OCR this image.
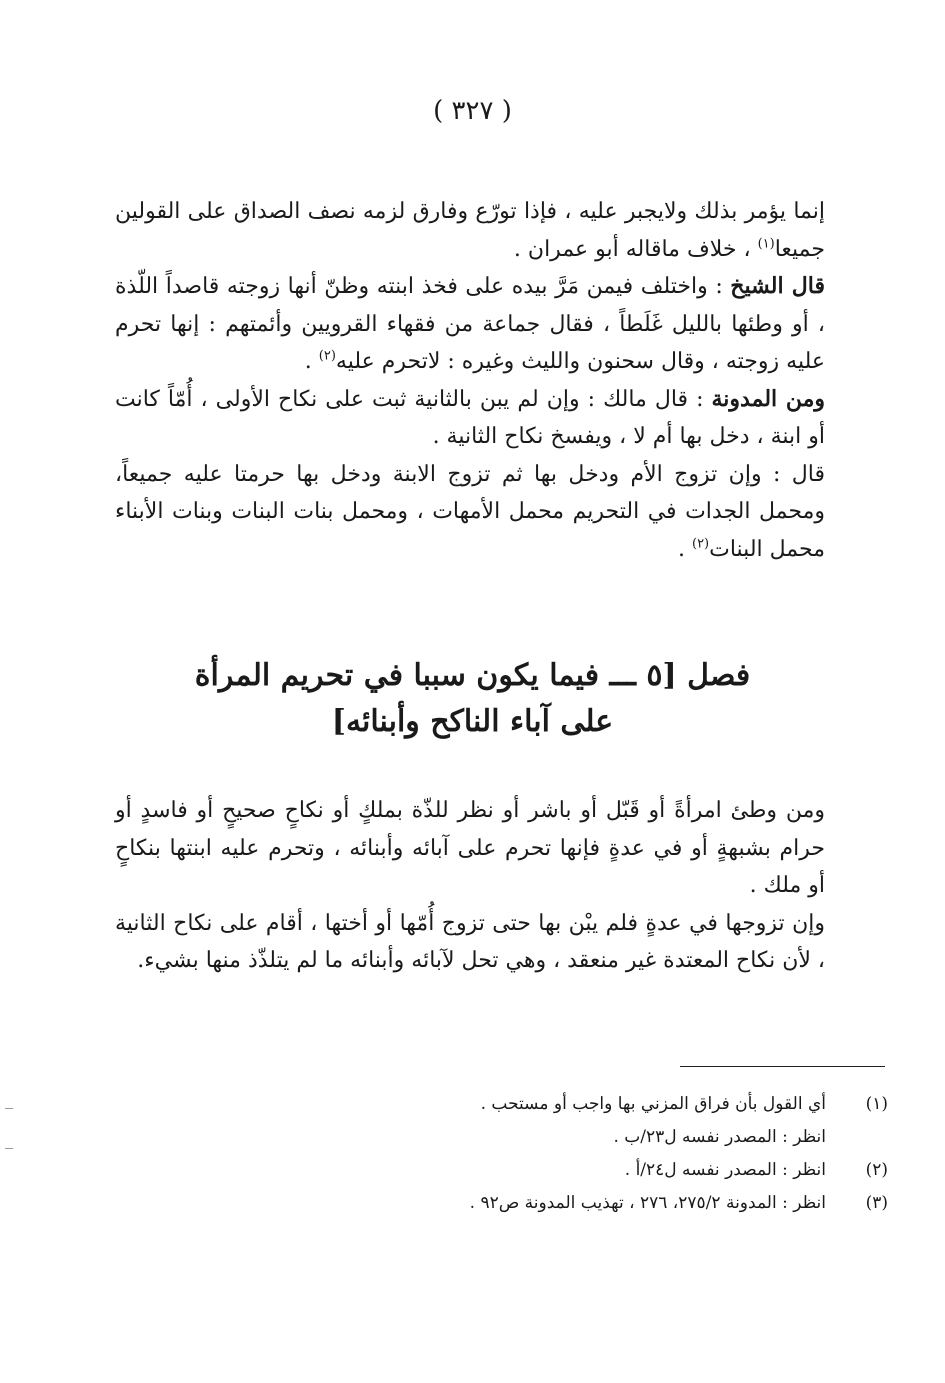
( ٣٢٧ )

إنما يؤمر بذلك ولايجبر عليه ، فإذا تورّع وفارق لزمه نصف الصداق على القولين جميعا$^{(١)}$ ، خلاف ماقاله أبو عمران .

قال الشيخ : واختلف فيمن مَرَّ بيده على فخذ ابنته وظنّ أنها زوجته قاصداً اللّذة ، أو وطئها بالليل غَلَطاً ، فقال جماعة من فقهاء القرويين وأئمتهم : إنها تحرم عليه زوجته ، وقال سحنون والليث وغيره : لاتحرم عليه$^{(٢)}$ .

ومن المدونة : قال مالك : وإن لم يبن بالثانية ثبت على نكاح الأولى ، أُمّاً كانت أو ابنة ، دخل بها أم لا ، ويفسخ نكاح الثانية .

قال : وإن تزوج الأم ودخل بها ثم تزوج الابنة ودخل بها حرمتا عليه جميعاً، ومحمل الجدات في التحريم محمل الأمهات ، ومحمل بنات البنات وبنات الأبناء محمل البنات$^{(٢)}$ .

فصل [٥ ـــ فيما يكون سببا في تحريم المرأة
على آباء الناكح وأبنائه]

ومن وطئ امرأةً أو قَبّل أو باشر أو نظر للذّة بملكٍ أو نكاحٍ صحيحٍ أو فاسدٍ أو حرام بشبهةٍ أو في عدةٍ فإنها تحرم على آبائه وأبنائه ، وتحرم عليه ابنتها بنكاحٍ أو ملك .

وإن تزوجها في عدةٍ فلم يبْن بها حتى تزوج أُمّها أو أختها ، أقام على نكاح الثانية ، لأن نكاح المعتدة غير منعقد ، وهي تحل لآبائه وأبنائه ما لم يتلذّذ منها بشيء.

(١)
أي القول بأن فراق المزني بها واجب أو مستحب .
انظر : المصدر نفسه ل٢٣/ب .
(٢)
انظر : المصدر نفسه ل٢٤/أ .
(٣)
انظر : المدونة ٢٧٥/٢، ٢٧٦ ، تهذيب المدونة ص٩٢ .
